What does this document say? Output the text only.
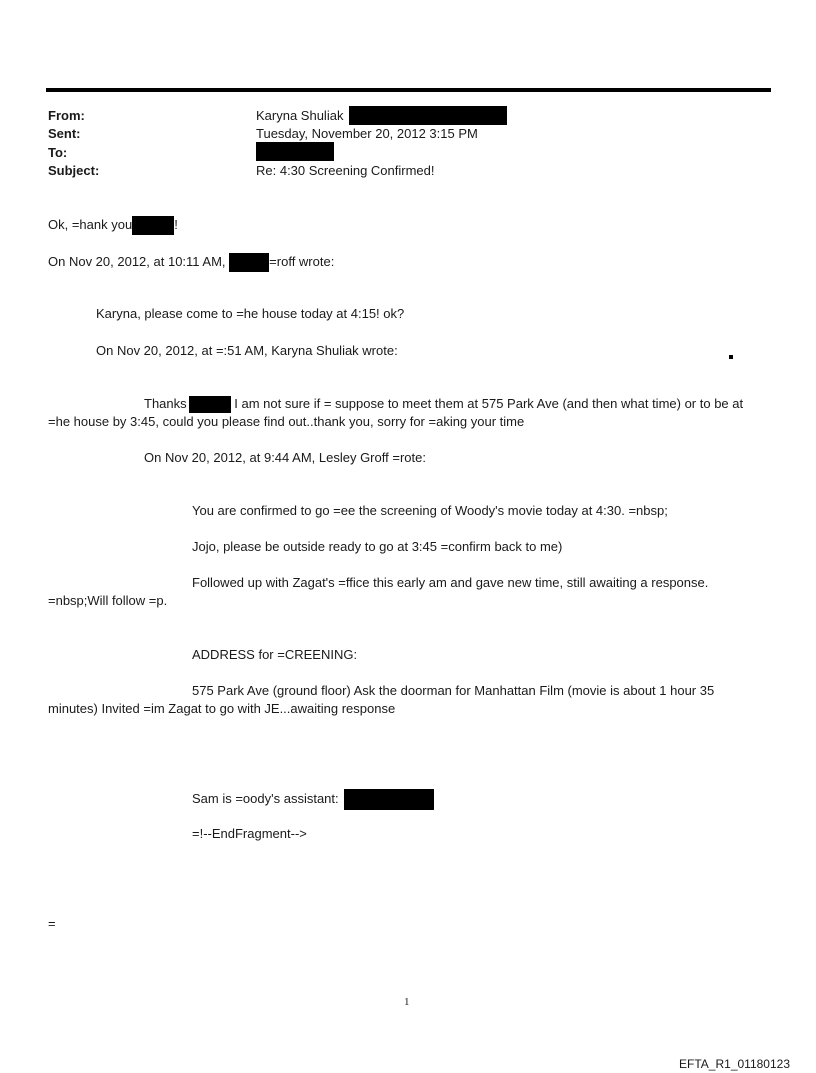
From:	Karyna Shuliak
Sent:	Tuesday, November 20, 2012 3:15 PM
To:
Subject:	Re: 4:30 Screening Confirmed!
Ok, =hank you	!
On Nov 20, 2012, at 10:11 AM,	=roff wrote:
Karyna, please come to =he house today at 4:15! ok?
On Nov 20, 2012, at =:51 AM, Karyna Shuliak wrote:
Thanks	I am not sure if = suppose to meet them at 575 Park Ave (and then what time) or to be at
=he house by 3:45, could you please find out..thank you, sorry for =aking your time
On Nov 20, 2012, at 9:44 AM, Lesley Groff =rote:
You are confirmed to go =ee the screening of Woody's movie today at 4:30. =nbsp;
Jojo, please be outside ready to go at 3:45 =confirm back to me)
Followed up with Zagat's =ffice this early am and gave new time, still awaiting a response.
=nbsp;Will follow =p.
ADDRESS for =CREENING:
575 Park Ave (ground floor) Ask the doorman for Manhattan Film (movie is about 1 hour 35
minutes) Invited =im Zagat to go with JE...awaiting response
Sam is =oody's assistant:
=!--EndFragment-->
=
1
EFTA_R1_01180123
